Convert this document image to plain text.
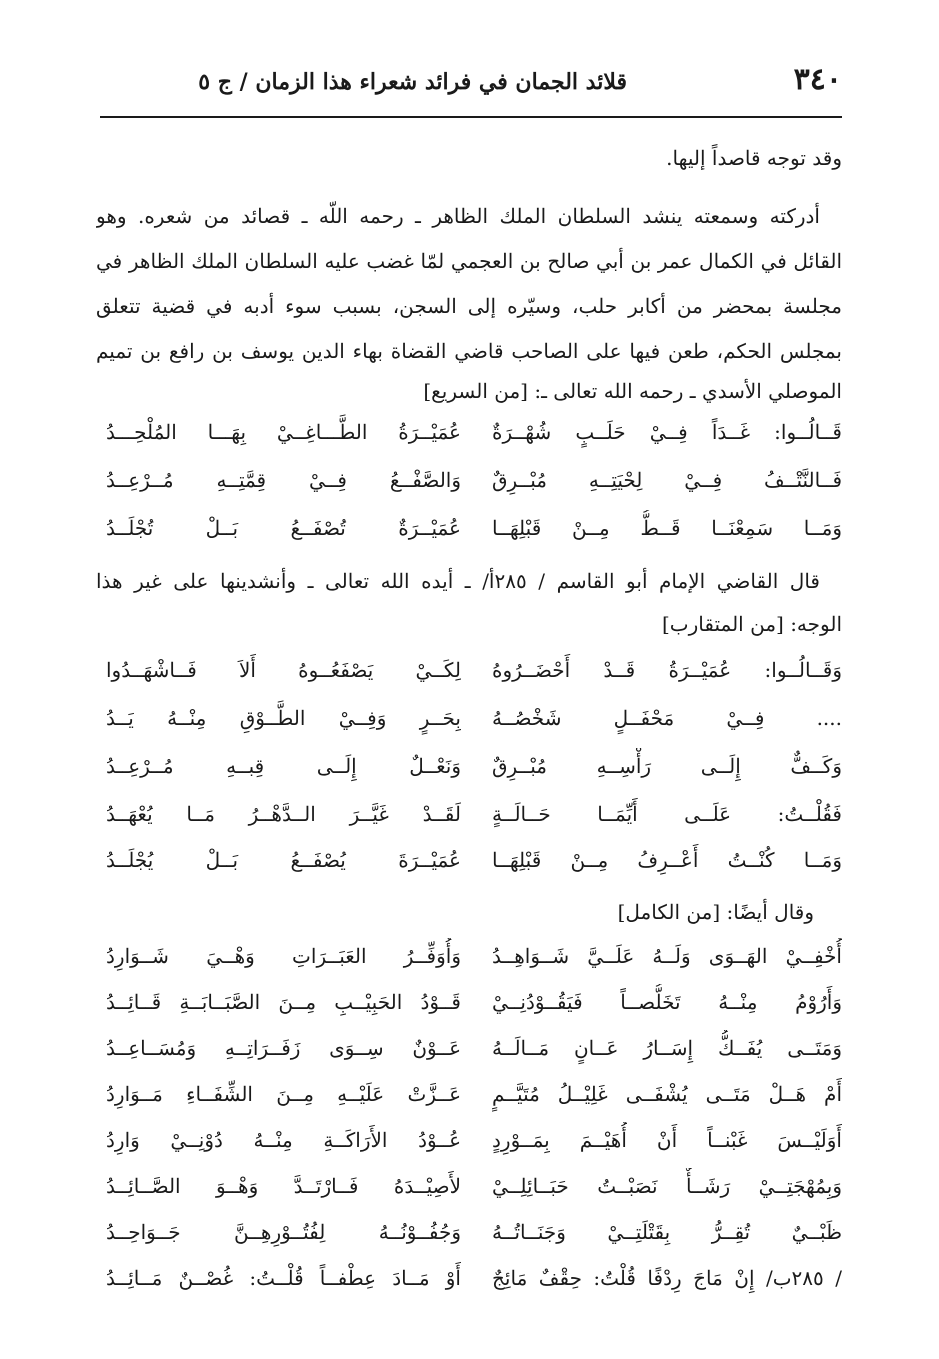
٣٤٠
قلائد الجمان في فرائد شعراء هذا الزمان / ج ٥
وقد توجه قاصداً إليها.
أدركته وسمعته ينشد السلطان الملك الظاهر ـ رحمه اللّه ـ قصائد من شعره. وهو
القائل في الكمال عمر بن أبي صالح بن العجمي لمّا غضب عليه السلطان الملك الظاهر في
مجلسة بمحضر من أكابر حلب، وسيّره إلى السجن، بسبب سوء أدبه في قضية تتعلق
بمجلس الحكم، طعن فيها على الصاحب قاضي القضاة بهاء الدين يوسف بن رافع بن تميم
الموصلي الأسدي ـ رحمه الله تعالى ـ: [من السريع]
قَــالُــوا: غَــدَاً فِــيْ حَلَــبٍ شُهْــرَةٌ
عُمَيْــرَةُ الطَّـــاغِــيْ بِهَـــا المُلْحِـــدُ
فَــالنَّتْــفُ فِــيْ لِحْيَتِــهِ مُبْــرِقٌ
وَالصَّفْــعُ فِــيْ قِمَّتِــهِ مُــرْعِــدُ
وَمَــا سَمِعْنَــا قَــطُّ مِــنْ قَبْلِهَــا
عُمَيْــرَةٌ تُصْفَــعُ بَــلْ تُجْلَــدُ
قال القاضي الإمام أبو القاسم / ٢٨٥أ/ ـ أيده الله تعالى ـ وأنشدينها على غير هذا
الوجه: [من المتقارب]
وَقَــالُــوا: عُمَيْــرَةُ قَــدْ أَحْضَــرُوهُ
لِكَــيْ يَصْفَعُــوهُ أَلاَ فَــاشْهَــدُوا
.... فِــيْ مَحْفَــلٍ شَخْصُــهُ
بِحَــرٍ وَفِــيْ الطَّــوْقِ مِنْــهُ يَــدُ
وَكَــفٌّ إِلَــى رَأْسِــهِ مُبْــرِقٌ
وَنَعْــلٌ إِلَــى قِبــهِ مُــرْعِــدُ
فَقُلْــتُ: عَلَــى أَيِّمَــا حَــالَــةٍ
لَقَــدْ غَيَّــرَ الــدَّهْــرُ مَــا يُعْهَــدُ
وَمَــا كُنْــتُ أَعْــرِفُ مِــنْ قَبْلِهَــا
عُمَيْــرَةَ يُصْفَــعُ بَــلْ يُجْلَــدُ
وقال أيضًا: [من الكامل]
أُخْفِــيْ الهَــوَى وَلَــهُ عَلَــيَّ شَــوَاهِــدُ
وَأُوَفِّــرُ العَبَــرَاتِ وَهْــيَ شَــوَارِدُ
وَأَرُوْمُ مِنْــهُ تَخَلُّصــاً فَيَقُــوْدُنِــيْ
قَــوْدُ الحَبِيْــبِ مِــنَ الصَّبَــابَــةِ قَــائِــدُ
وَمَتَــى يُفَــكُّ إِسَــارُ عَــانٍ مَــالَــهُ
عَــوْنٌ سِــوَى زَفَــرَاتِــهِ وَمُسَــاعِــدُ
أَمْ هَــلْ مَتَــى يُشْفَــى غَلِيْــلُ مُتَيَّــمٍ
عَــزَّتْ عَلَيْــهِ مِــنَ الشِّفَــاءِ مَــوَارِدُ
أَوَلَيْــسَ غَبْنــاً أَنْ أُهَيْــمَ بِمَــوْرِدٍ
عُــوْدُ الأَرَاكَــةِ مِنْــهُ دُوْنِــيْ وَارِدُ
وَبِمُهْجَتِــيْ رَشَــأٌ نَصَبْــتُ حَبَــائِلِــيْ
لأَصِيْــدَهُ فَــارْتَــدَّ وَهْــوَ الصَّــائِــدُ
ظَبْــيٌ تُقِــرُّ بِقَتْلَتِــيْ وَجَنَــاتُــهُ
وَجُفُــوْنُــهُ لِفُتُــوْرِهِــنَّ جَــوَاحِــدُ
/ ٢٨٥ب/ إِنْ مَاجَ رِدْفًا قُلْتُ: حِقْفٌ مَائِجٌ
أَوْ مَــادَ عِطْفــاً قُلْــتُ: غُصْــنٌ مَــائِــدُ
